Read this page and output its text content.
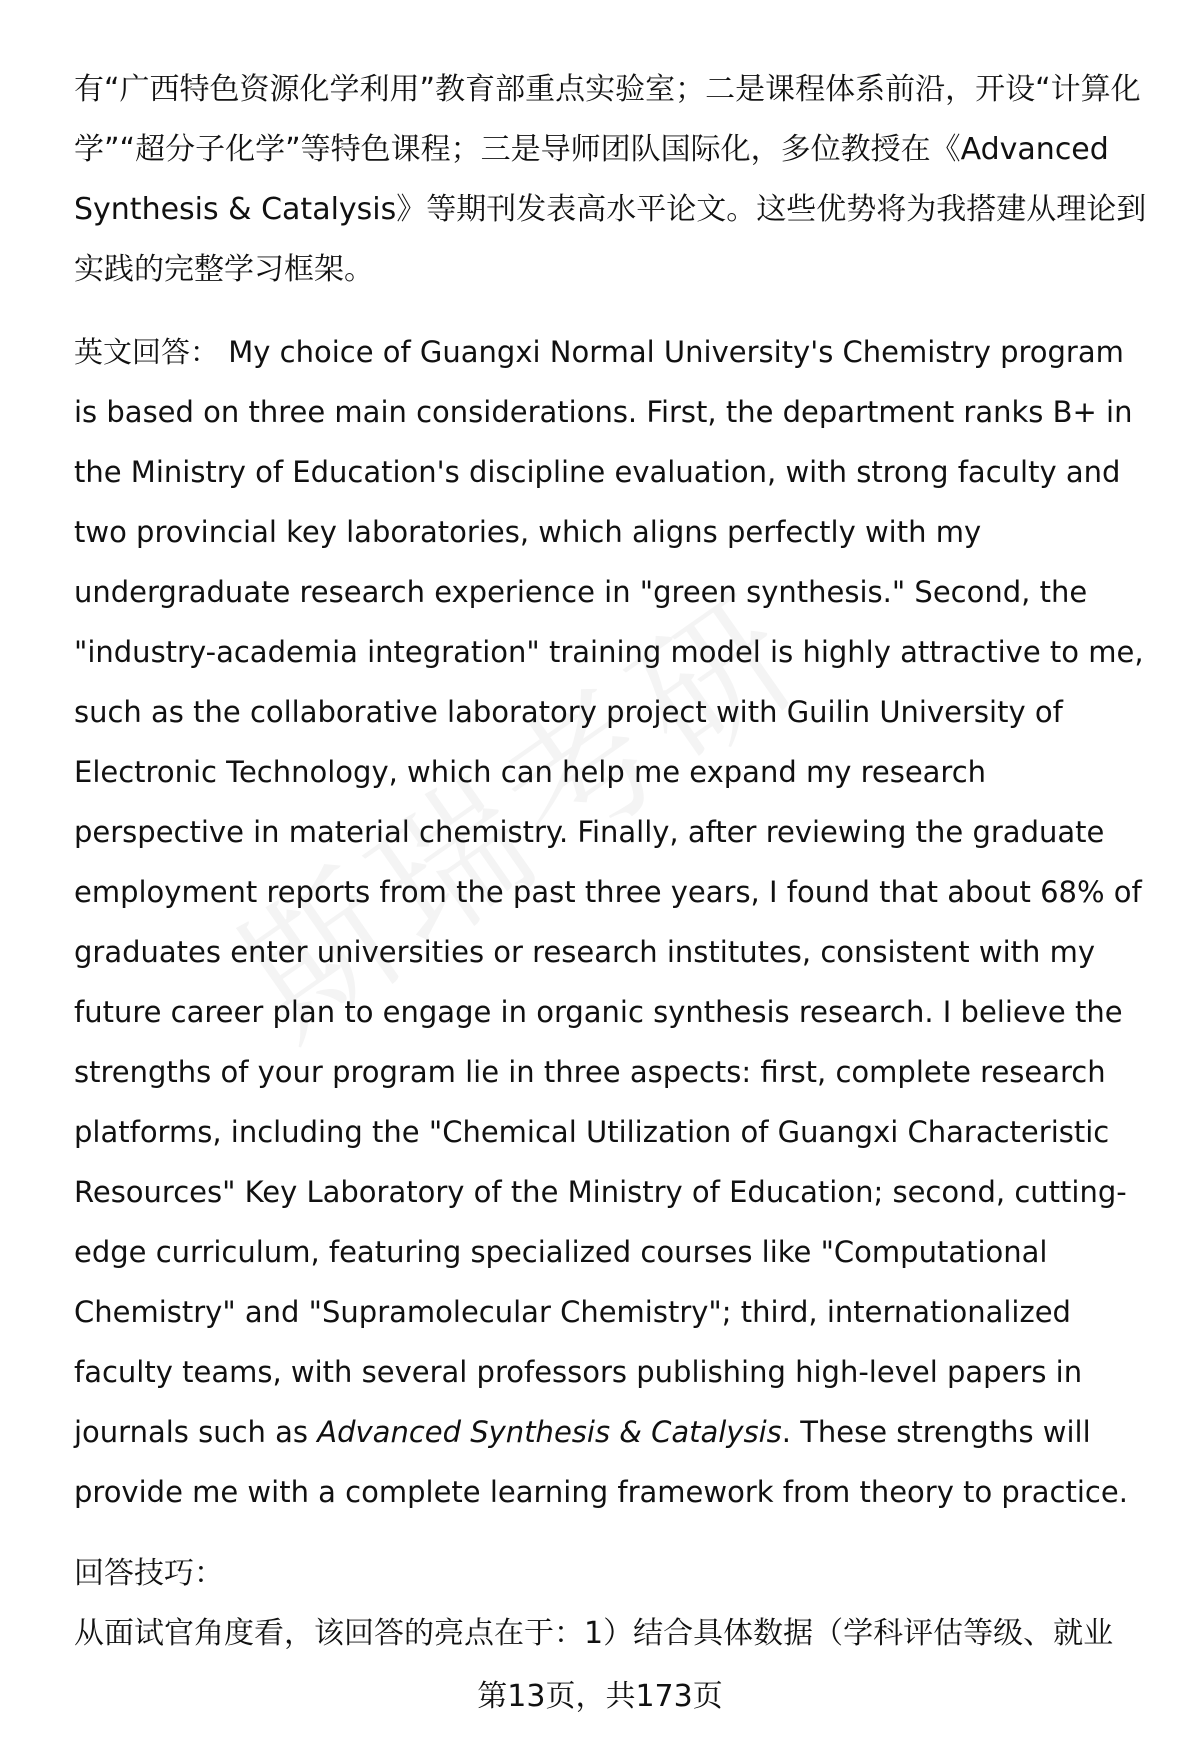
有“广西特色资源化学利用”教育部重点实验室；二是课程体系前沿，开设“计算化学”“超分子化学”等特色课程；三是导师团队国际化，多位教授在《Advanced Synthesis & Catalysis》等期刊发表高水平论文。这些优势将为我搭建从理论到实践的完整学习框架。

英文回答： My choice of Guangxi Normal University's Chemistry program is based on three main considerations. First, the department ranks B+ in the Ministry of Education's discipline evaluation, with strong faculty and two provincial key laboratories, which aligns perfectly with my undergraduate research experience in "green synthesis." Second, the "industry-academia integration" training model is highly attractive to me, such as the collaborative laboratory project with Guilin University of Electronic Technology, which can help me expand my research perspective in material chemistry. Finally, after reviewing the graduate employment reports from the past three years, I found that about 68% of graduates enter universities or research institutes, consistent with my future career plan to engage in organic synthesis research. I believe the strengths of your program lie in three aspects: first, complete research platforms, including the "Chemical Utilization of Guangxi Characteristic Resources" Key Laboratory of the Ministry of Education; second, cutting-edge curriculum, featuring specialized courses like "Computational Chemistry" and "Supramolecular Chemistry"; third, internationalized faculty teams, with several professors publishing high-level papers in journals such as Advanced Synthesis & Catalysis. These strengths will provide me with a complete learning framework from theory to practice.

回答技巧：

从面试官角度看，该回答的亮点在于：1）结合具体数据（学科评估等级、就业

第13页，共173页
